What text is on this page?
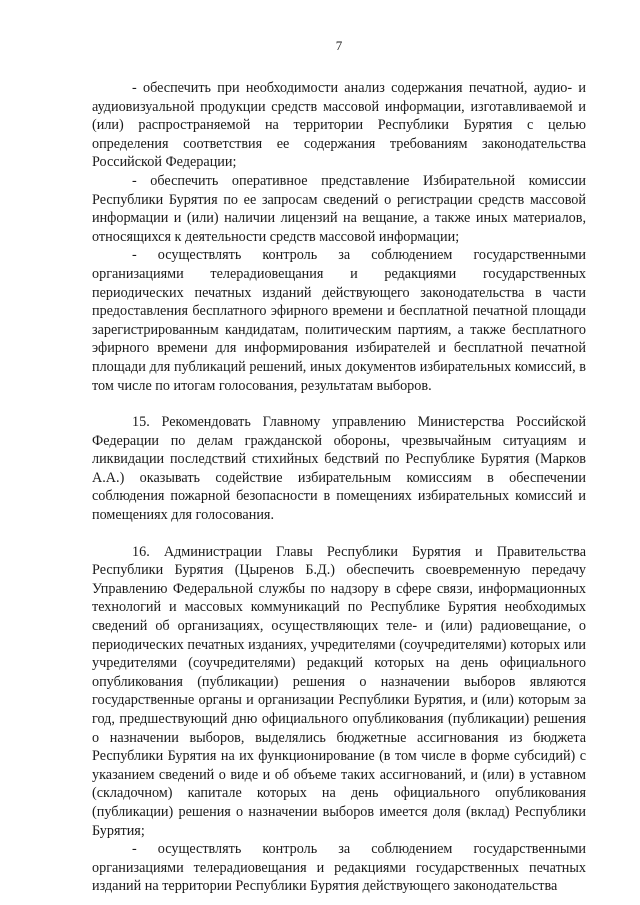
7

- обеспечить при необходимости анализ содержания печатной, аудио- и аудиовизуальной продукции средств массовой информации, изготавливаемой и (или) распространяемой на территории Республики Бурятия с целью определения соответствия ее содержания требованиям законодательства Российской Федерации;

- обеспечить оперативное представление Избирательной комиссии Республики Бурятия по ее запросам сведений о регистрации средств массовой информации и (или) наличии лицензий на вещание, а также иных материалов, относящихся к деятельности средств массовой информации;

- осуществлять контроль за соблюдением государственными организациями телерадиовещания и редакциями государственных периодических печатных изданий действующего законодательства в части предоставления бесплатного эфирного времени и бесплатной печатной площади зарегистрированным кандидатам, политическим партиям, а также бесплатного эфирного времени для информирования избирателей и бесплатной печатной площади для публикаций решений, иных документов избирательных комиссий, в том числе по итогам голосования, результатам выборов.

15. Рекомендовать Главному управлению Министерства Российской Федерации по делам гражданской обороны, чрезвычайным ситуациям и ликвидации последствий стихийных бедствий по Республике Бурятия (Марков А.А.) оказывать содействие избирательным комиссиям в обеспечении соблюдения пожарной безопасности в помещениях избирательных комиссий и помещениях для голосования.

16. Администрации Главы Республики Бурятия и Правительства Республики Бурятия (Цыренов Б.Д.) обеспечить своевременную передачу Управлению Федеральной службы по надзору в сфере связи, информационных технологий и массовых коммуникаций по Республике Бурятия необходимых сведений об организациях, осуществляющих теле- и (или) радиовещание, о периодических печатных изданиях, учредителями (соучредителями) которых или учредителями (соучредителями) редакций которых на день официального опубликования (публикации) решения о назначении выборов являются государственные органы и организации Республики Бурятия, и (или) которым за год, предшествующий дню официального опубликования (публикации) решения о назначении выборов, выделялись бюджетные ассигнования из бюджета Республики Бурятия на их функционирование (в том числе в форме субсидий) с указанием сведений о виде и об объеме таких ассигнований, и (или) в уставном (складочном) капитале которых на день официального опубликования (публикации) решения о назначении выборов имеется доля (вклад) Республики Бурятия;

- осуществлять контроль за соблюдением государственными организациями телерадиовещания и редакциями государственных печатных изданий на территории Республики Бурятия действующего законодательства
